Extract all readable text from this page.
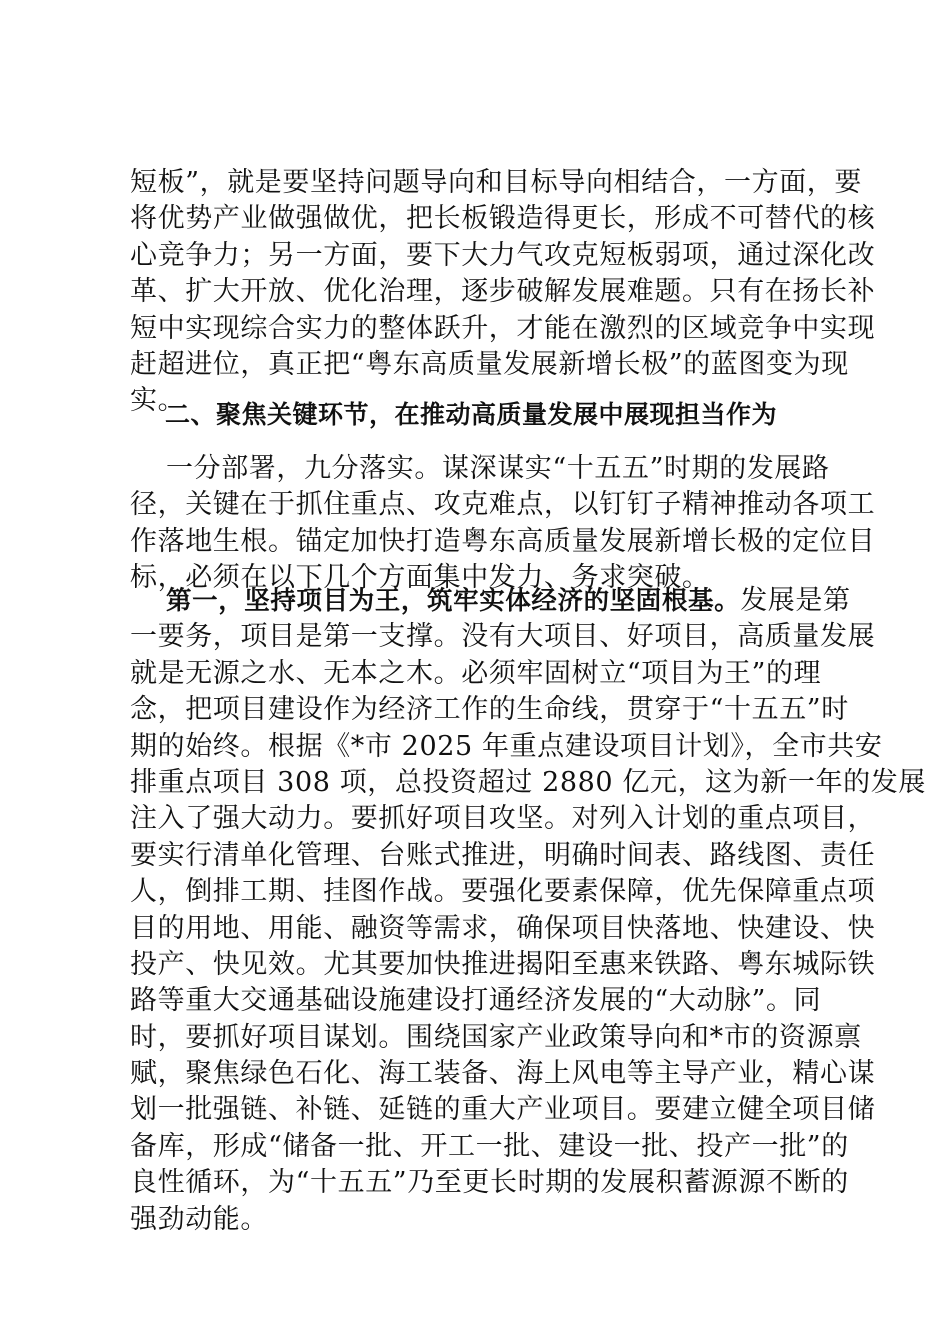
短板”，就是要坚持问题导向和目标导向相结合，一方面，要
将优势产业做强做优，把长板锻造得更长，形成不可替代的核
心竞争力；另一方面，要下大力气攻克短板弱项，通过深化改
革、扩大开放、优化治理，逐步破解发展难题。只有在扬长补
短中实现综合实力的整体跃升，才能在激烈的区域竞争中实现
赶超进位，真正把“粤东高质量发展新增长极”的蓝图变为现
实。
二、聚焦关键环节，在推动高质量发展中展现担当作为
一分部署，九分落实。谋深谋实“十五五”时期的发展路
径，关键在于抓住重点、攻克难点，以钉钉子精神推动各项工
作落地生根。锚定加快打造粤东高质量发展新增长极的定位目
标，必须在以下几个方面集中发力、务求突破。
第一，坚持项目为王，筑牢实体经济的坚固根基。发展是第
一要务，项目是第一支撑。没有大项目、好项目，高质量发展
就是无源之水、无本之木。必须牢固树立“项目为王”的理
念，把项目建设作为经济工作的生命线，贯穿于“十五五”时
期的始终。根据《*市 2025 年重点建设项目计划》，全市共安
排重点项目 308 项，总投资超过 2880 亿元，这为新一年的发展
注入了强大动力。要抓好项目攻坚。对列入计划的重点项目，
要实行清单化管理、台账式推进，明确时间表、路线图、责任
人，倒排工期、挂图作战。要强化要素保障，优先保障重点项
目的用地、用能、融资等需求，确保项目快落地、快建设、快
投产、快见效。尤其要加快推进揭阳至惠来铁路、粤东城际铁
路等重大交通基础设施建设打通经济发展的“大动脉”。同
时，要抓好项目谋划。围绕国家产业政策导向和*市的资源禀
赋，聚焦绿色石化、海工装备、海上风电等主导产业，精心谋
划一批强链、补链、延链的重大产业项目。要建立健全项目储
备库，形成“储备一批、开工一批、建设一批、投产一批”的
良性循环，为“十五五”乃至更长时期的发展积蓄源源不断的
强劲动能。
